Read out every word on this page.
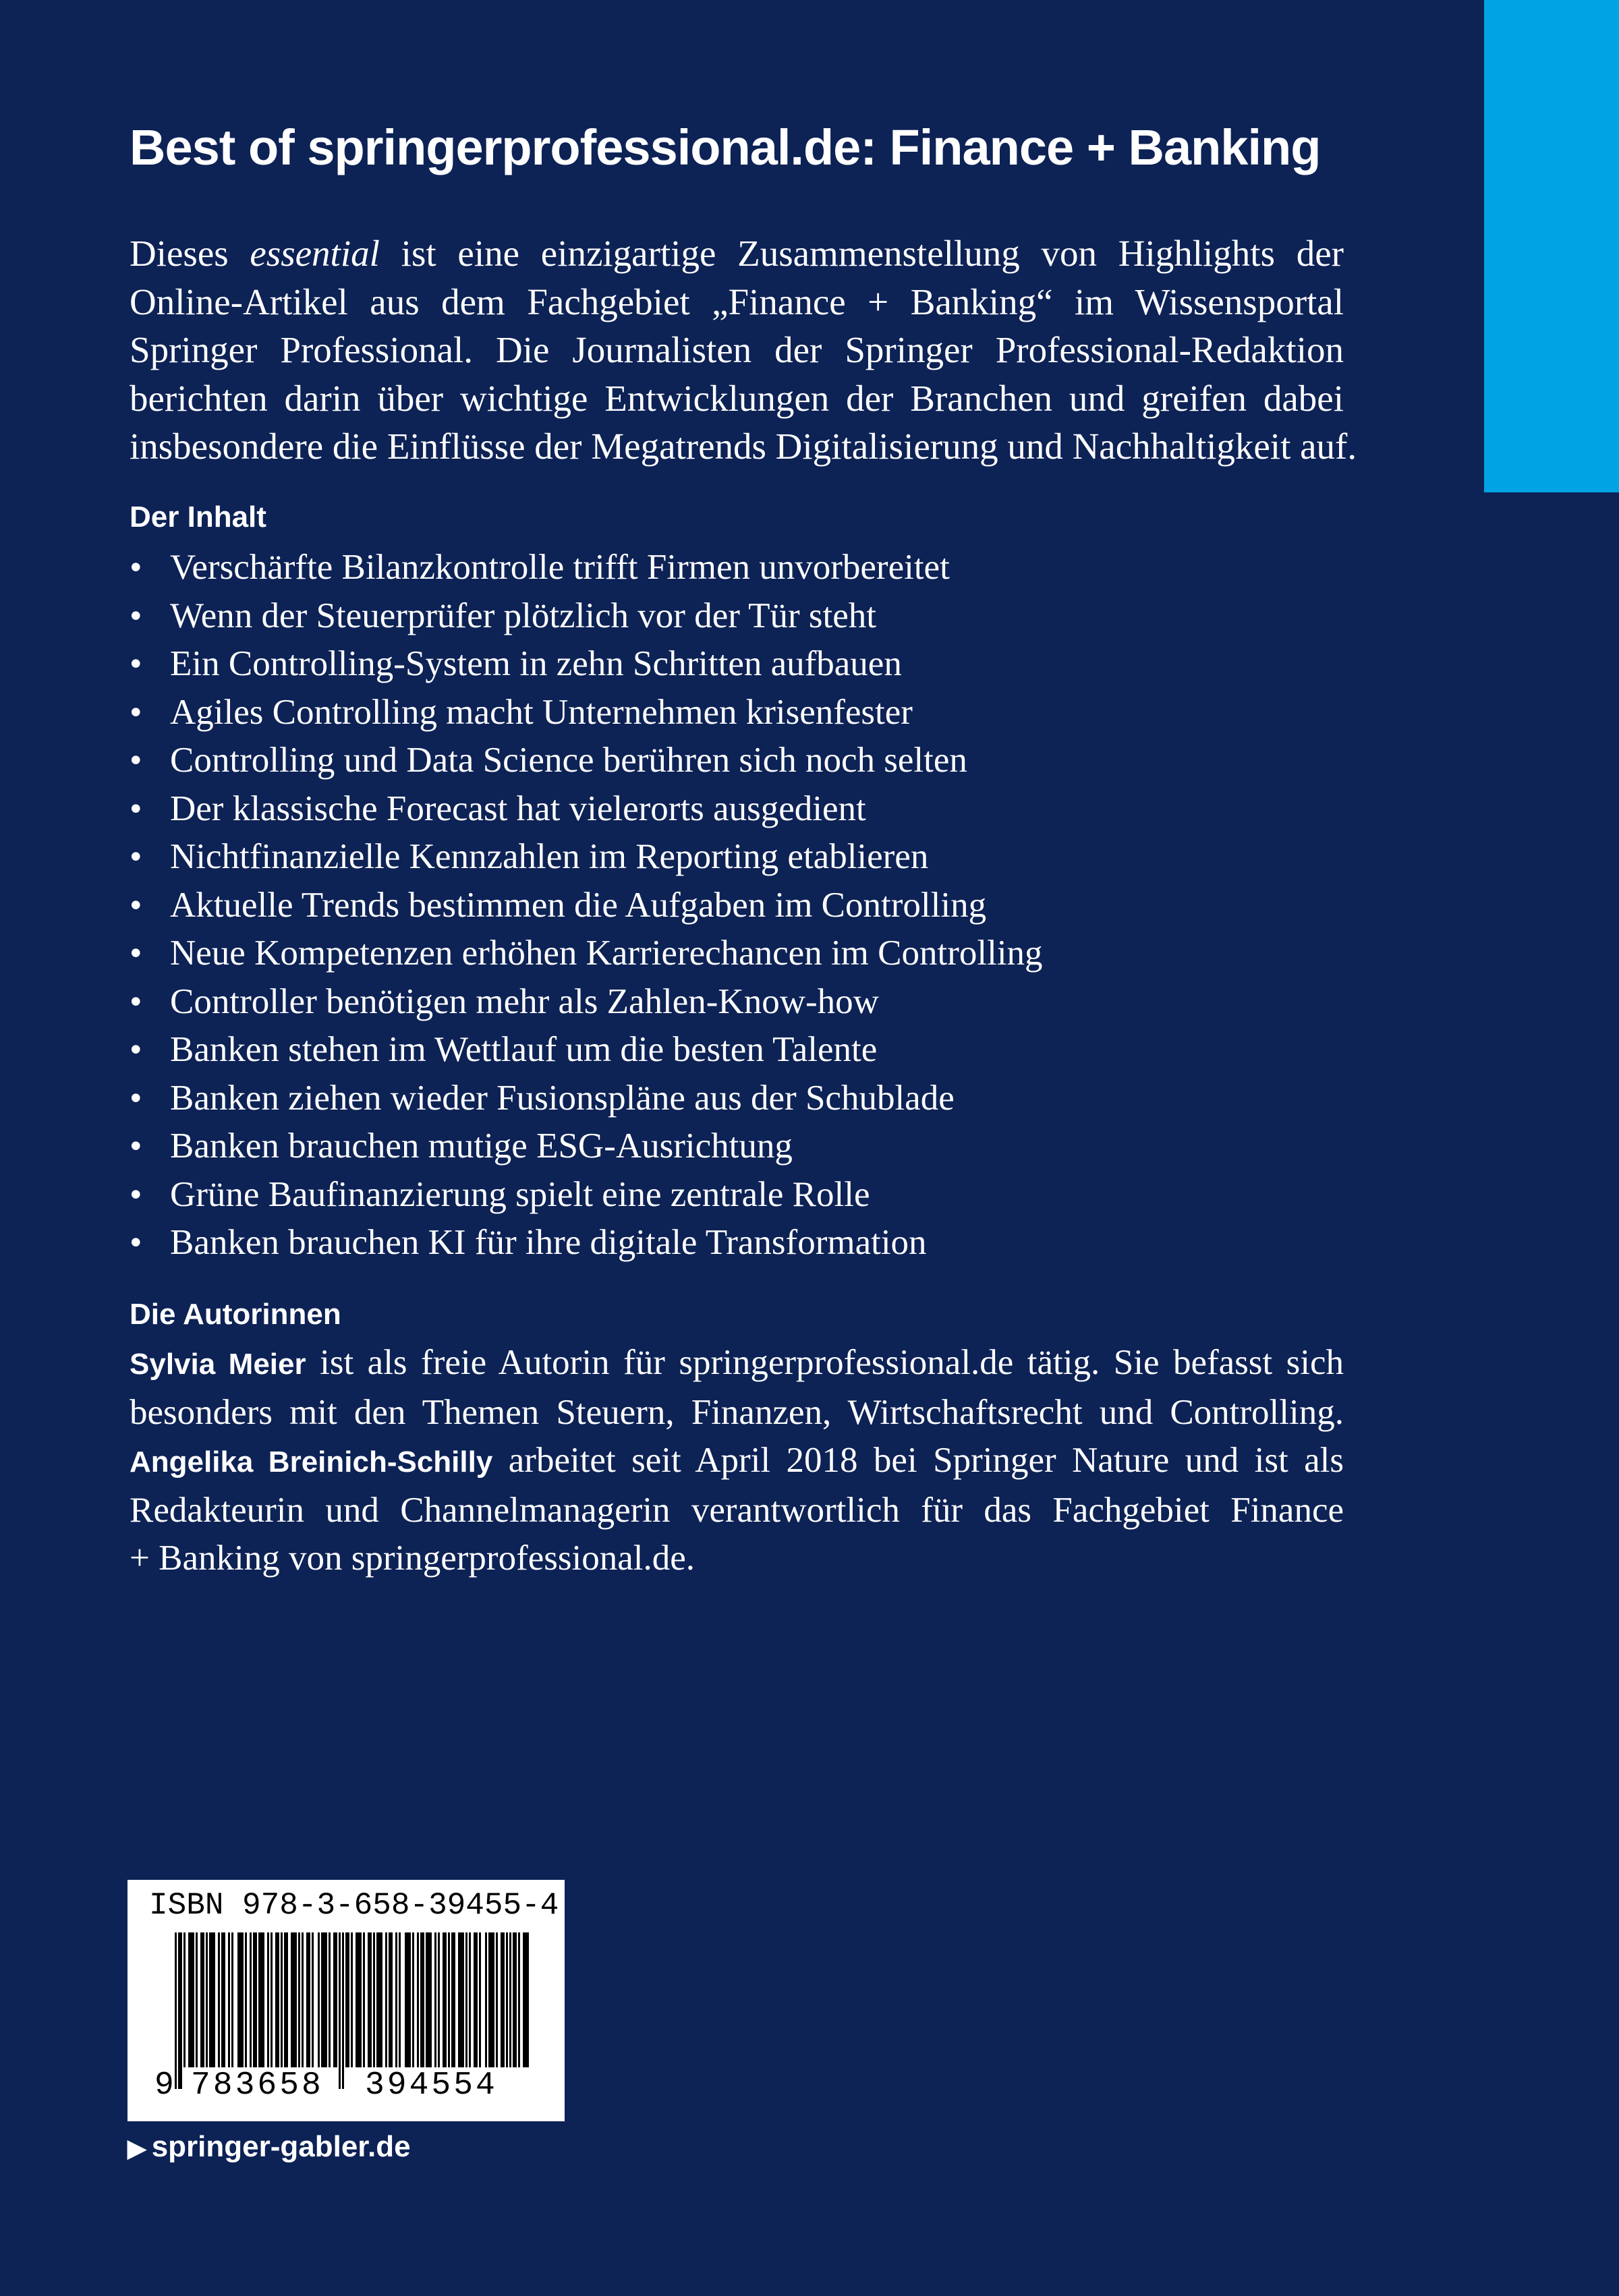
Best of springerprofessional.de: Finance + Banking
Dieses essential ist eine einzigartige Zusammenstellung von Highlights der
Online-Artikel aus dem Fachgebiet „Finance + Banking“ im Wissensportal
Springer Professional. Die Journalisten der Springer Professional-Redaktion
berichten darin über wichtige Entwicklungen der Branchen und greifen dabei
insbesondere die Einflüsse der Megatrends Digitalisierung und Nachhaltigkeit auf.
Der Inhalt
• Verschärfte Bilanzkontrolle trifft Firmen unvorbereitet
• Wenn der Steuerprüfer plötzlich vor der Tür steht
• Ein Controlling-System in zehn Schritten aufbauen
• Agiles Controlling macht Unternehmen krisenfester
• Controlling und Data Science berühren sich noch selten
• Der klassische Forecast hat vielerorts ausgedient
• Nichtfinanzielle Kennzahlen im Reporting etablieren
• Aktuelle Trends bestimmen die Aufgaben im Controlling
• Neue Kompetenzen erhöhen Karrierechancen im Controlling
• Controller benötigen mehr als Zahlen-Know-how
• Banken stehen im Wettlauf um die besten Talente
• Banken ziehen wieder Fusionspläne aus der Schublade
• Banken brauchen mutige ESG-Ausrichtung
• Grüne Baufinanzierung spielt eine zentrale Rolle
• Banken brauchen KI für ihre digitale Transformation
Die Autorinnen
Sylvia Meier ist als freie Autorin für springerprofessional.de tätig. Sie befasst sich
besonders mit den Themen Steuern, Finanzen, Wirtschaftsrecht und Controlling.
Angelika Breinich-Schilly arbeitet seit April 2018 bei Springer Nature und ist als
Redakteurin und Channelmanagerin verantwortlich für das Fachgebiet Finance
+ Banking von springerprofessional.de.
ISBN 978-3-658-39455-4
9 783658 394554
▶ springer-gabler.de
